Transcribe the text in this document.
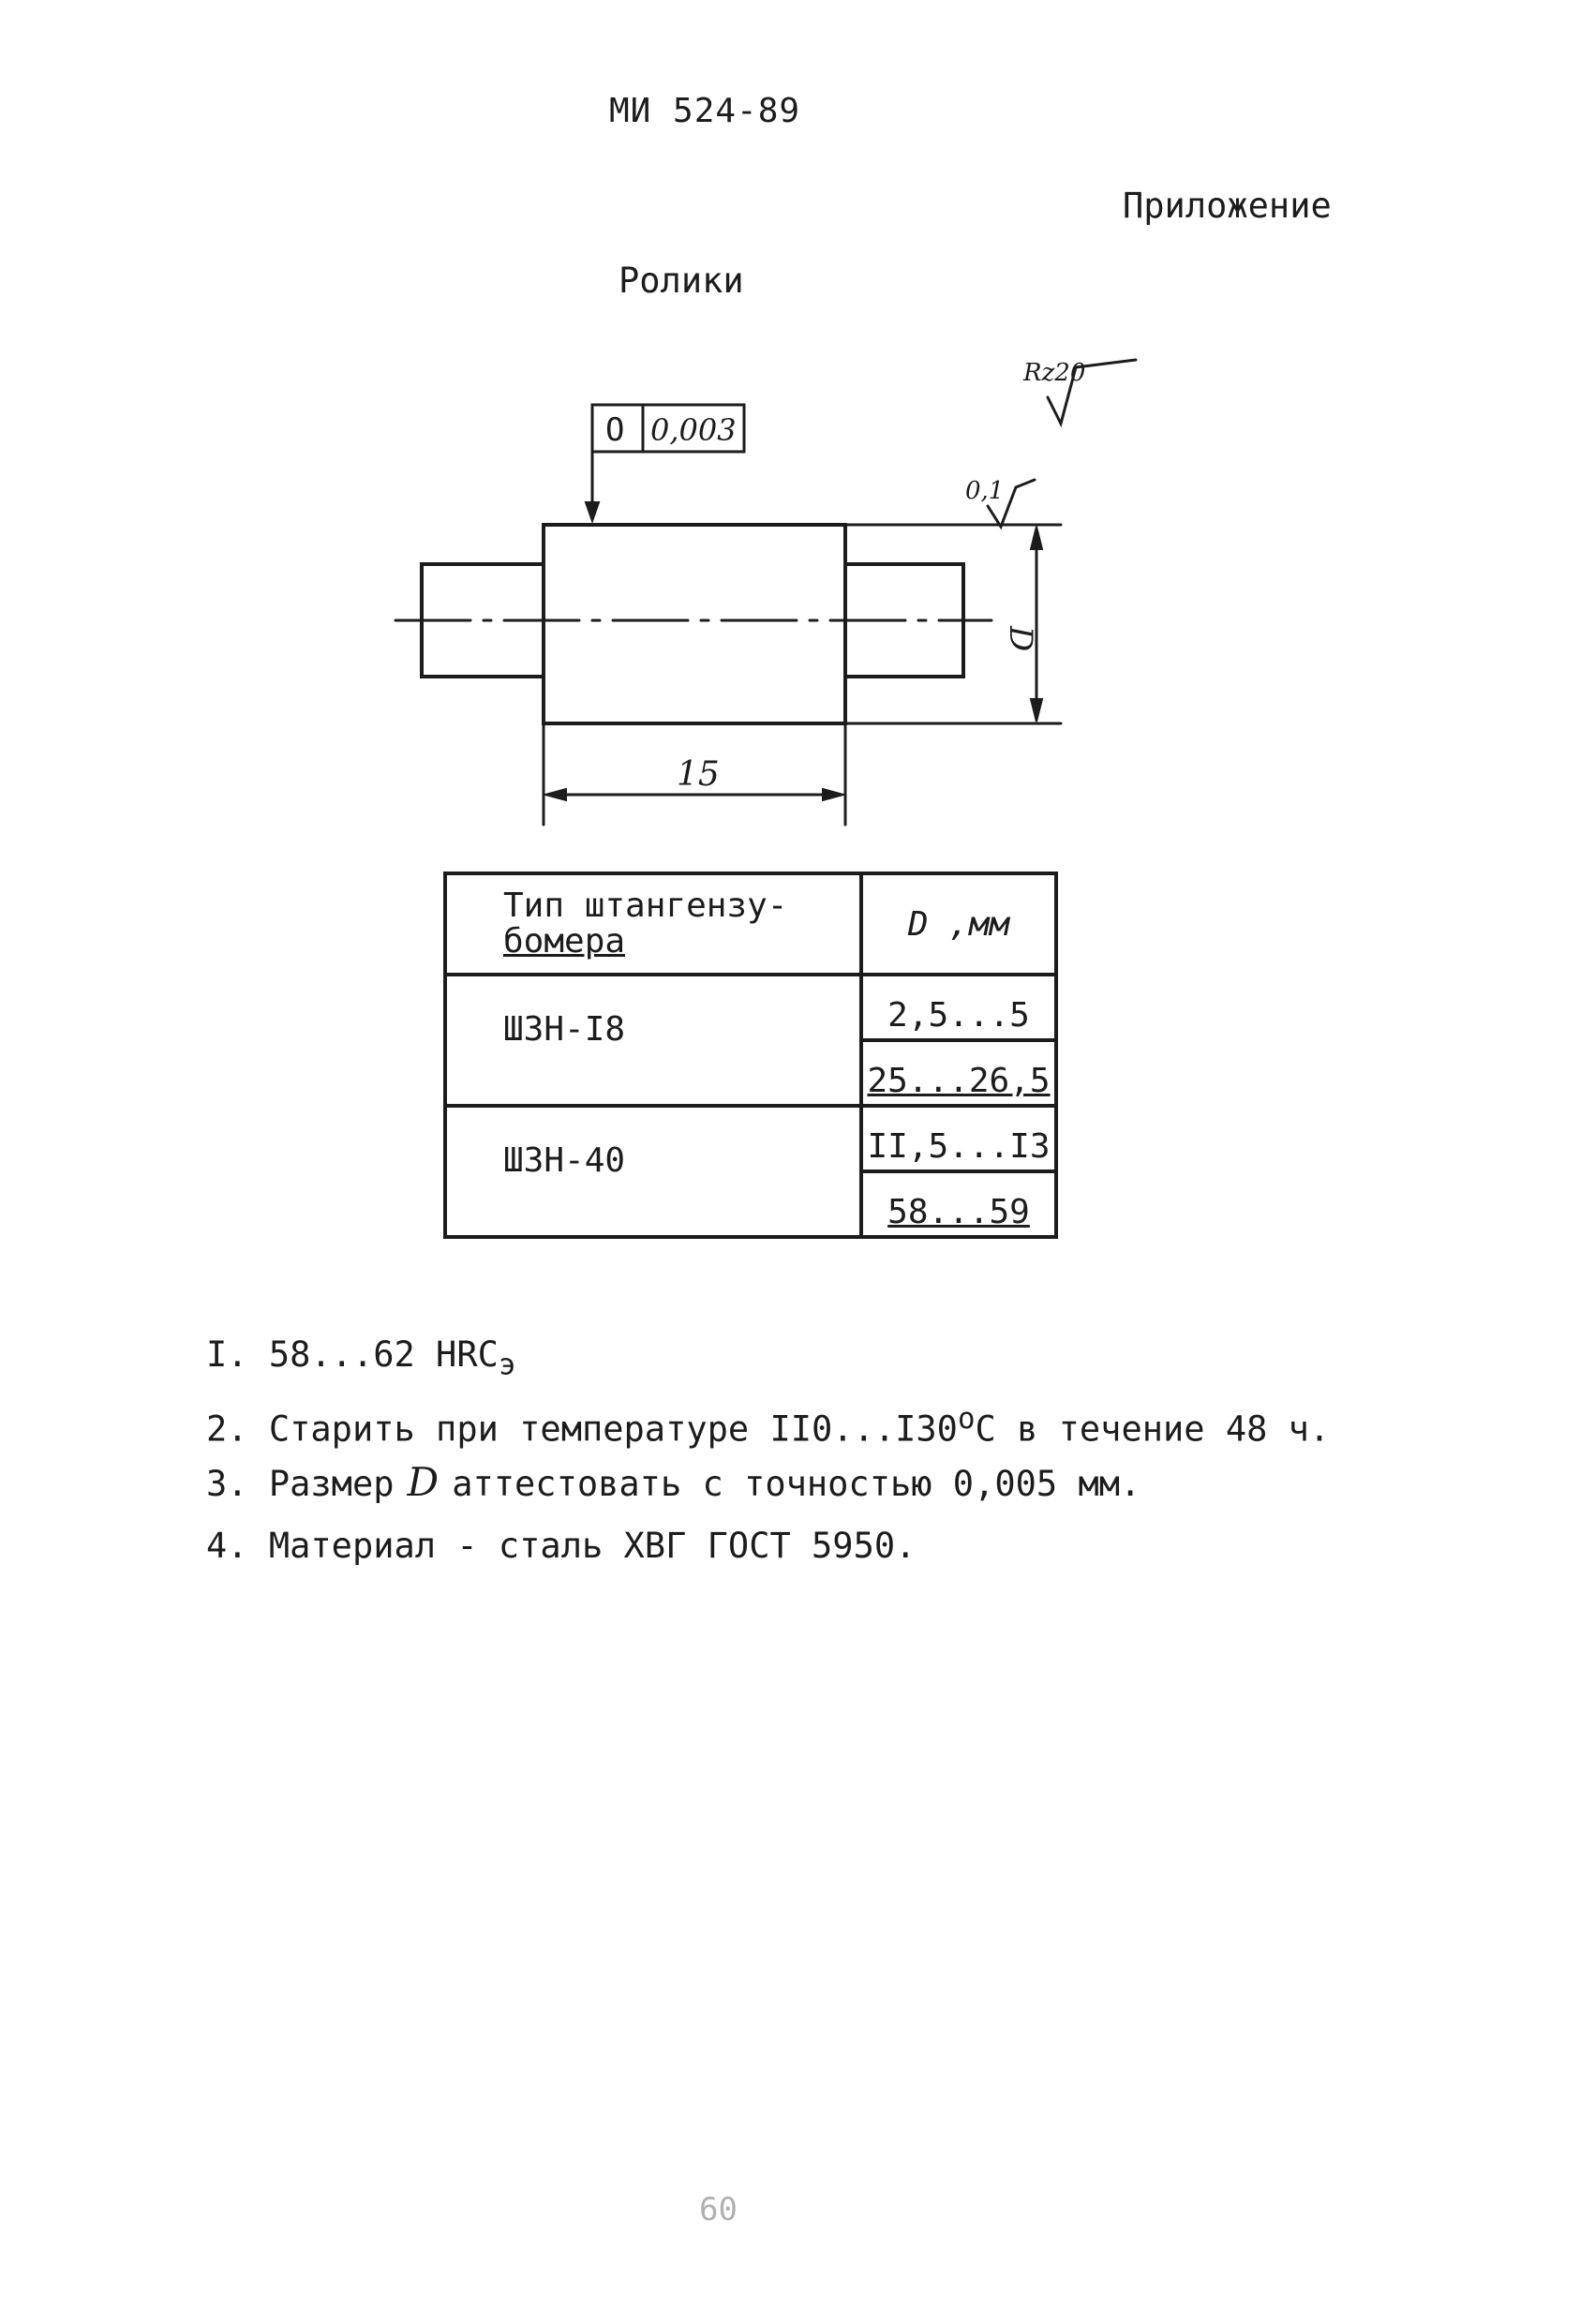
МИ 524-89
Приложение
Ролики
O 0,003
Rz20
0,1
D
15
Тип штангензу-
бомера	D ,мм
ШЗН-I8	2,5...5
	25...26,5
ШЗН-40	II,5...I3
	58...59
I. 58...62 $HRC_э$
2. Старить при температуре II0...I30$^o$C в течение 48 ч.
3. Размер D аттестовать с точностью 0,005 мм.
4. Материал - сталь ХВГ ГОСТ 5950.
60
